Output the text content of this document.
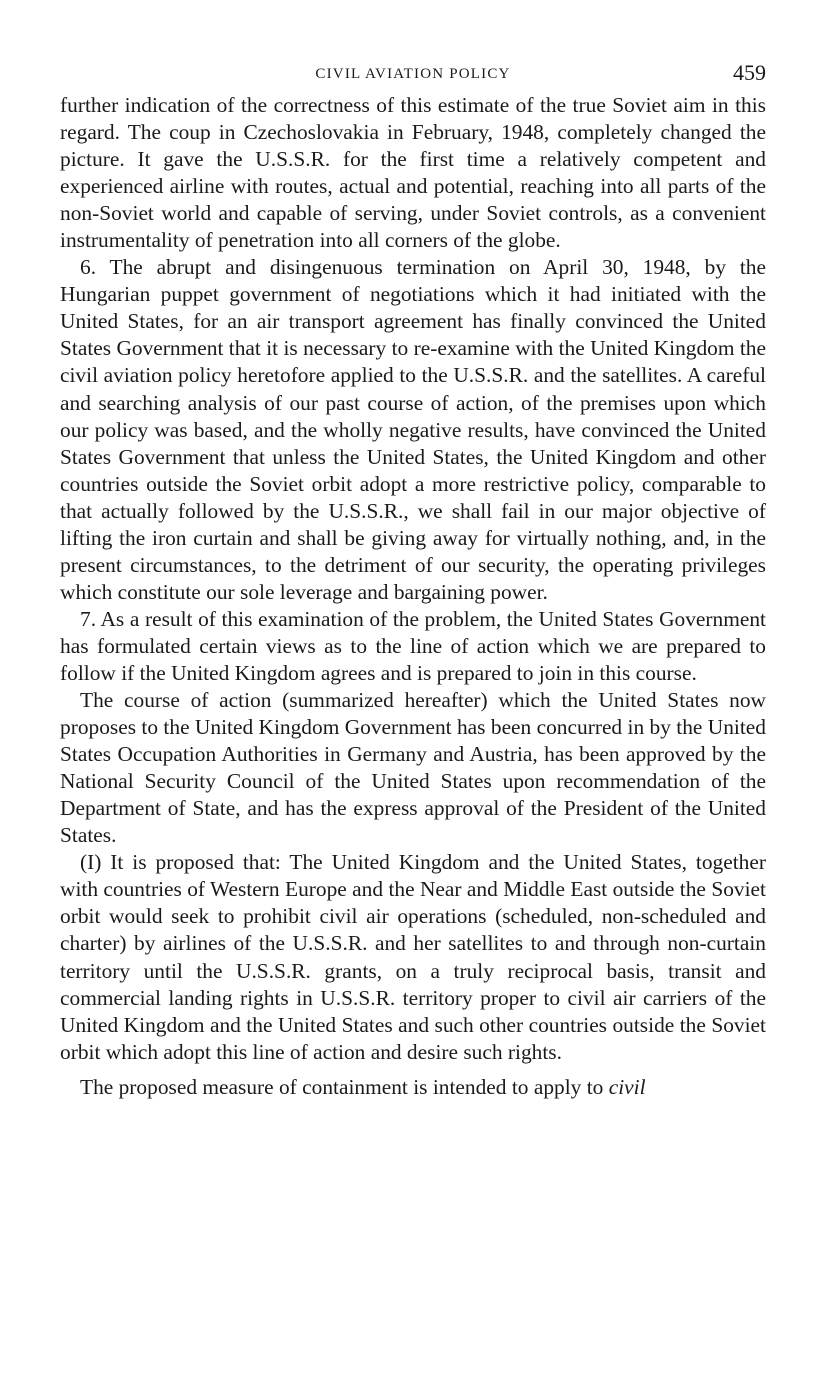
CIVIL AVIATION POLICY	459

further indication of the correctness of this estimate of the true Soviet aim in this regard. The coup in Czechoslovakia in February, 1948, completely changed the picture. It gave the U.S.S.R. for the first time a relatively competent and experienced airline with routes, actual and potential, reaching into all parts of the non-Soviet world and capable of serving, under Soviet controls, as a convenient instrumentality of penetration into all corners of the globe.

6. The abrupt and disingenuous termination on April 30, 1948, by the Hungarian puppet government of negotiations which it had initiated with the United States, for an air transport agreement has finally convinced the United States Government that it is necessary to re-examine with the United Kingdom the civil aviation policy heretofore applied to the U.S.S.R. and the satellites. A careful and searching analysis of our past course of action, of the premises upon which our policy was based, and the wholly negative results, have convinced the United States Government that unless the United States, the United Kingdom and other countries outside the Soviet orbit adopt a more restrictive policy, comparable to that actually followed by the U.S.S.R., we shall fail in our major objective of lifting the iron curtain and shall be giving away for virtually nothing, and, in the present circumstances, to the detriment of our security, the operating privileges which constitute our sole leverage and bargaining power.

7. As a result of this examination of the problem, the United States Government has formulated certain views as to the line of action which we are prepared to follow if the United Kingdom agrees and is prepared to join in this course.

The course of action (summarized hereafter) which the United States now proposes to the United Kingdom Government has been concurred in by the United States Occupation Authorities in Germany and Austria, has been approved by the National Security Council of the United States upon recommendation of the Department of State, and has the express approval of the President of the United States.

(I) It is proposed that: The United Kingdom and the United States, together with countries of Western Europe and the Near and Middle East outside the Soviet orbit would seek to prohibit civil air operations (scheduled, non-scheduled and charter) by airlines of the U.S.S.R. and her satellites to and through non-curtain territory until the U.S.S.R. grants, on a truly reciprocal basis, transit and commercial landing rights in U.S.S.R. territory proper to civil air carriers of the United Kingdom and the United States and such other countries outside the Soviet orbit which adopt this line of action and desire such rights.

The proposed measure of containment is intended to apply to civil
